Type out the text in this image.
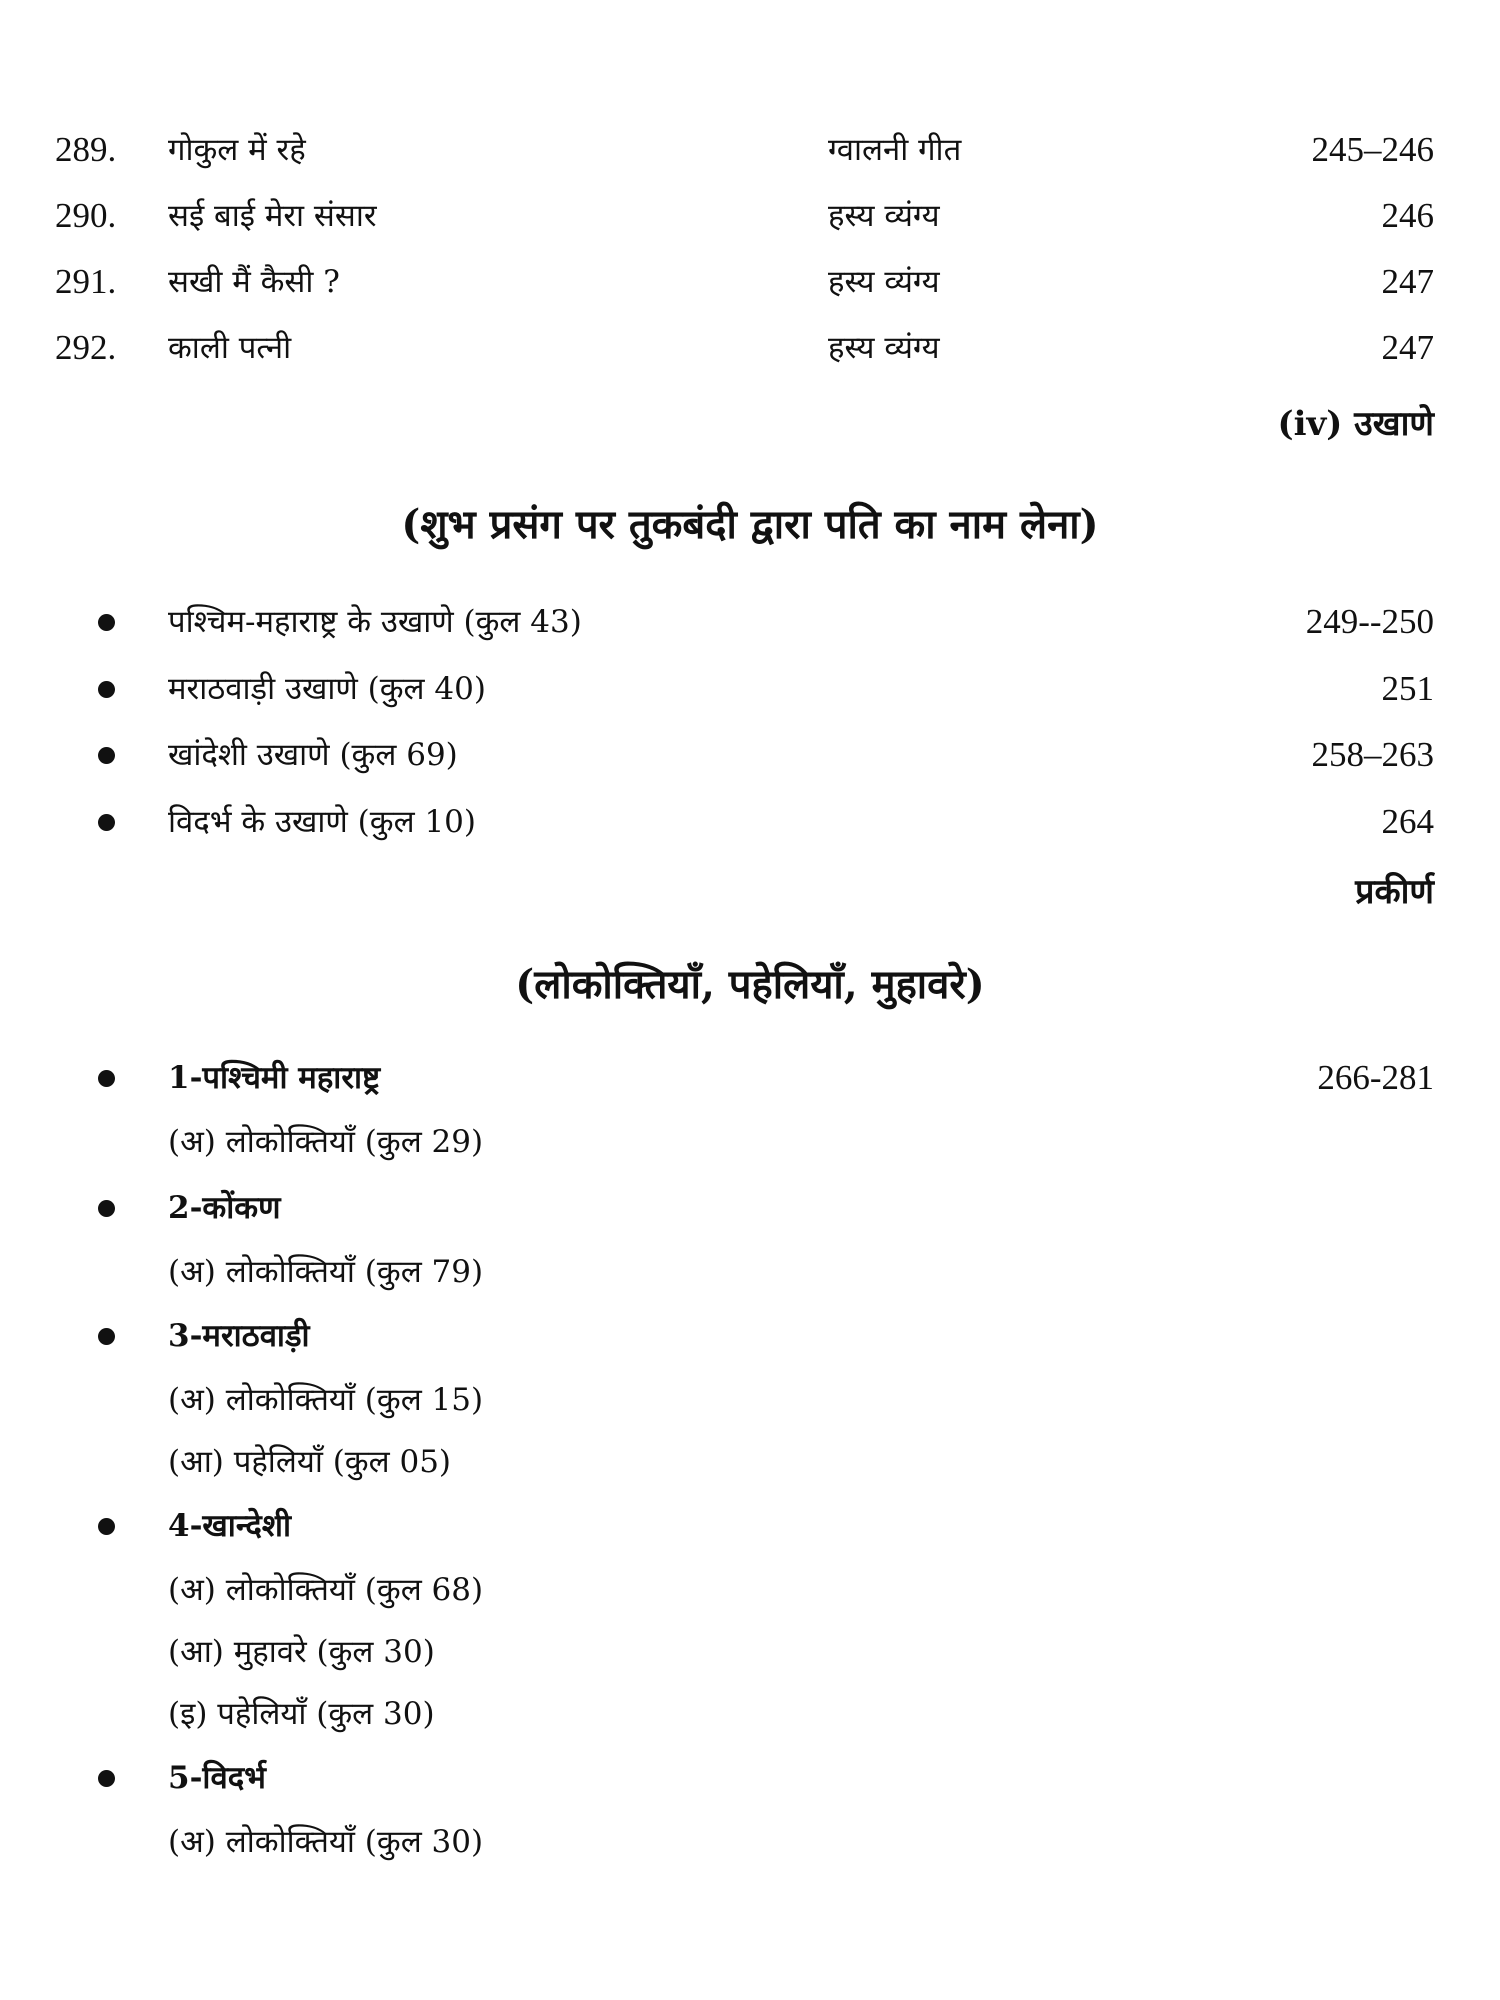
289. गोकुल में रहे	ग्वालनी गीत	245–246
290. सई बाई मेरा संसार	हस्य व्यंग्य	246
291. सखी मैं कैसी ?	हस्य व्यंग्य	247
292. काली पत्नी	हस्य व्यंग्य	247
(iv) उखाणे
(शुभ प्रसंग पर तुकबंदी द्वारा पति का नाम लेना)
पश्चिम-महाराष्ट्र के उखाणे (कुल 43)	249--250
मराठवाड़ी उखाणे (कुल 40)	251
खांदेशी उखाणे (कुल 69)	258–263
विदर्भ के उखाणे (कुल 10)	264
प्रकीर्ण
(लोकोक्तियाँ, पहेलियाँ, मुहावरे)
1-पश्चिमी महाराष्ट्र	266-281
(अ) लोकोक्तियाँ (कुल 29)
2-कोंकण
(अ) लोकोक्तियाँ (कुल 79)
3-मराठवाड़ी
(अ) लोकोक्तियाँ (कुल 15)
(आ) पहेलियाँ (कुल 05)
4-खान्देशी
(अ) लोकोक्तियाँ (कुल 68)
(आ) मुहावरे (कुल 30)
(इ) पहेलियाँ (कुल 30)
5-विदर्भ
(अ) लोकोक्तियाँ (कुल 30)
